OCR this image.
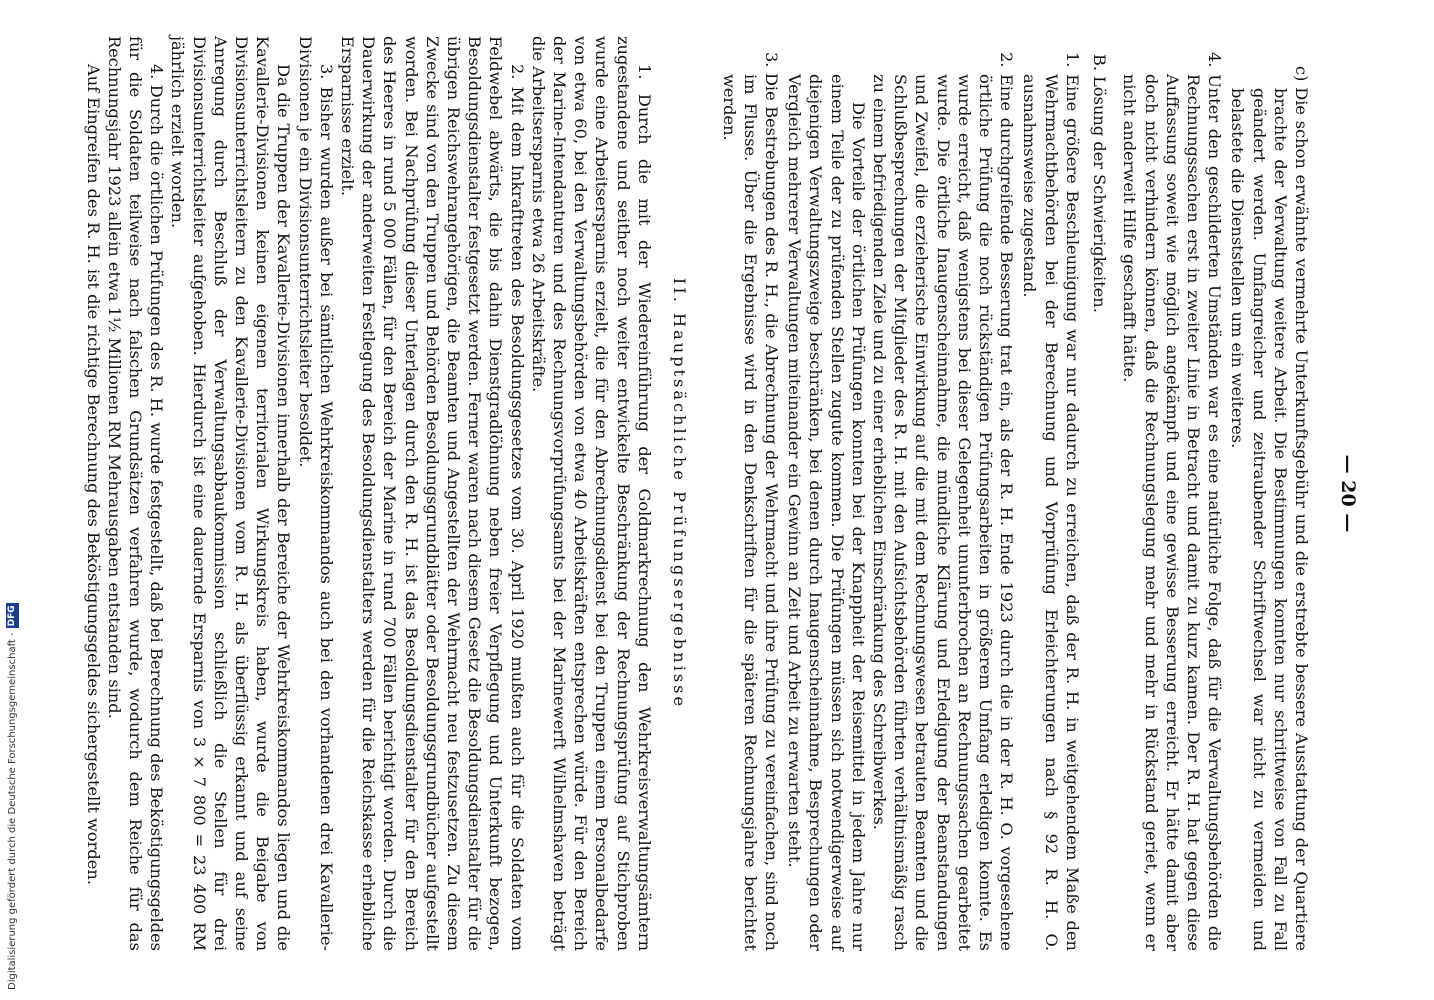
— 20 —

c) Die schon erwähnte vermehrte Unterkunftsgebühr und die erstrebte bessere Ausstattung der Quartiere brachte der Verwaltung weitere Arbeit. Die Bestimmungen konnten nur schrittweise von Fall zu Fall geändert werden. Umfangreicher und zeitraubender Schriftwechsel war nicht zu vermeiden und belastete die Dienststellen um ein weiteres.

4. Unter den geschilderten Umständen war es eine natürliche Folge, daß für die Verwaltungsbehörden die Rechnungssachen erst in zweiter Linie in Betracht und damit zu kurz kamen. Der R. H. hat gegen diese Auffassung soweit wie möglich angekämpft und eine gewisse Besserung erreicht. Er hätte damit aber doch nicht verhindern können, daß die Rechnungslegung mehr und mehr in Rückstand geriet, wenn er nicht anderweit Hilfe geschafft hätte.

B. Lösung der Schwierigkeiten.

1. Eine größere Beschleunigung war nur dadurch zu erreichen, daß der R. H. in weitgehendem Maße den Wehrmachtbehörden bei der Berechnung und Vorprüfung Erleichterungen nach § 92 R. H. O. ausnahmsweise zugestand.

2. Eine durchgreifende Besserung trat ein, als der R. H. Ende 1923 durch die in der R. H. O. vorgesehene örtliche Prüfung die noch rückständigen Prüfungsarbeiten in größerem Umfang erledigen konnte. Es wurde erreicht, daß wenigstens bei dieser Gelegenheit ununterbrochen an Rechnungssachen gearbeitet wurde. Die örtliche Inaugenscheinnahme, die mündliche Klärung und Erledigung der Beanstandungen und Zweifel, die erzieherische Einwirkung auf die mit dem Rechnungswesen betrauten Beamten und die Schlußbesprechungen der Mitglieder des R. H. mit den Aufsichtsbehörden führten verhältnismäßig rasch zu einem befriedigenden Ziele und zu einer erheblichen Einschränkung des Schreibwerkes.

Die Vorteile der örtlichen Prüfungen konnten bei der Knappheit der Reisemittel in jedem Jahre nur einem Teile der zu prüfenden Stellen zugute kommen. Die Prüfungen müssen sich notwendigerweise auf diejenigen Verwaltungszweige beschränken, bei denen durch Inaugenscheinnahme, Besprechungen oder Vergleich mehrerer Verwaltungen miteinander ein Gewinn an Zeit und Arbeit zu erwarten steht.

3. Die Bestrebungen des R. H., die Abrechnung der Wehrmacht und ihre Prüfung zu vereinfachen, sind noch im Flusse. Über die Ergebnisse wird in den Denkschriften für die späteren Rechnungsjahre berichtet werden.

II. Hauptsächliche Prüfungsergebnisse

1. Durch die mit der Wiedereinführung der Goldmarkrechnung den Wehrkreisverwaltungsämtern zugestandene und seither noch weiter entwickelte Beschränkung der Rechnungsprüfung auf Stichproben wurde eine Arbeitsersparnis erzielt, die für den Abrechnungsdienst bei den Truppen einem Personalbedarfe von etwa 60, bei den Verwaltungsbehörden von etwa 40 Arbeitskräften entsprechen würde. Für den Bereich der Marine-Intendanturen und des Rechnungsvorprüfungsamts bei der Marinewerft Wilhelmshaven beträgt die Arbeitsersparnis etwa 26 Arbeitskräfte.

2. Mit dem Inkrafttreten des Besoldungsgesetzes vom 30. April 1920 mußten auch für die Soldaten vom Feldwebel abwärts, die bis dahin Dienstgradlöhnung neben freier Verpflegung und Unterkunft bezogen, Besoldungsdienstalter festgesetzt werden. Ferner waren nach diesem Gesetz die Besoldungsdienstalter für die übrigen Reichswehrangehörigen, die Beamten und Angestellten der Wehrmacht neu festzusetzen. Zu diesem Zwecke sind von den Truppen und Behörden Besoldungsgrundblätter oder Besoldungsgrundbücher aufgestellt worden. Bei Nachprüfung dieser Unterlagen durch den R. H. ist das Besoldungsdienstalter für den Bereich des Heeres in rund 5 000 Fällen, für den Bereich der Marine in rund 700 Fällen berichtigt worden. Durch die Dauerwirkung der anderweiten Festlegung des Besoldungsdienstalters werden für die Reichskasse erhebliche Ersparnisse erzielt.

3. Bisher wurden außer bei sämtlichen Wehrkreiskommandos auch bei den vorhandenen drei Kavallerie-Divisionen je ein Divisionsunterrichtsleiter besoldet.

Da die Truppen der Kavallerie-Divisionen innerhalb der Bereiche der Wehrkreiskommandos liegen und die Kavallerie-Divisionen keinen eigenen territorialen Wirkungskreis haben, wurde die Beigabe von Divisionsunterrichtsleitern zu den Kavallerie-Divisionen vom R. H. als überflüssig erkannt und auf seine Anregung durch Beschluß der Verwaltungsabbaukommission schließlich die Stellen für drei Divisionsunterrichtsleiter aufgehoben. Hierdurch ist eine dauernde Ersparnis von 3 × 7 800 = 23 400 RM jährlich erzielt worden.

4. Durch die örtlichen Prüfungen des R. H. wurde festgestellt, daß bei Berechnung des Beköstigungsgeldes für die Soldaten teilweise nach falschen Grundsätzen verfahren wurde, wodurch dem Reiche für das Rechnungsjahr 1923 allein etwa 1½ Millionen RM Mehrausgaben entstanden sind.

Auf Eingreifen des R. H. ist die richtige Berechnung des Beköstigungsgeldes sichergestellt worden.

Digitalisierung gefördert durch die Deutsche Forschungsgemeinschaft -
DFG
